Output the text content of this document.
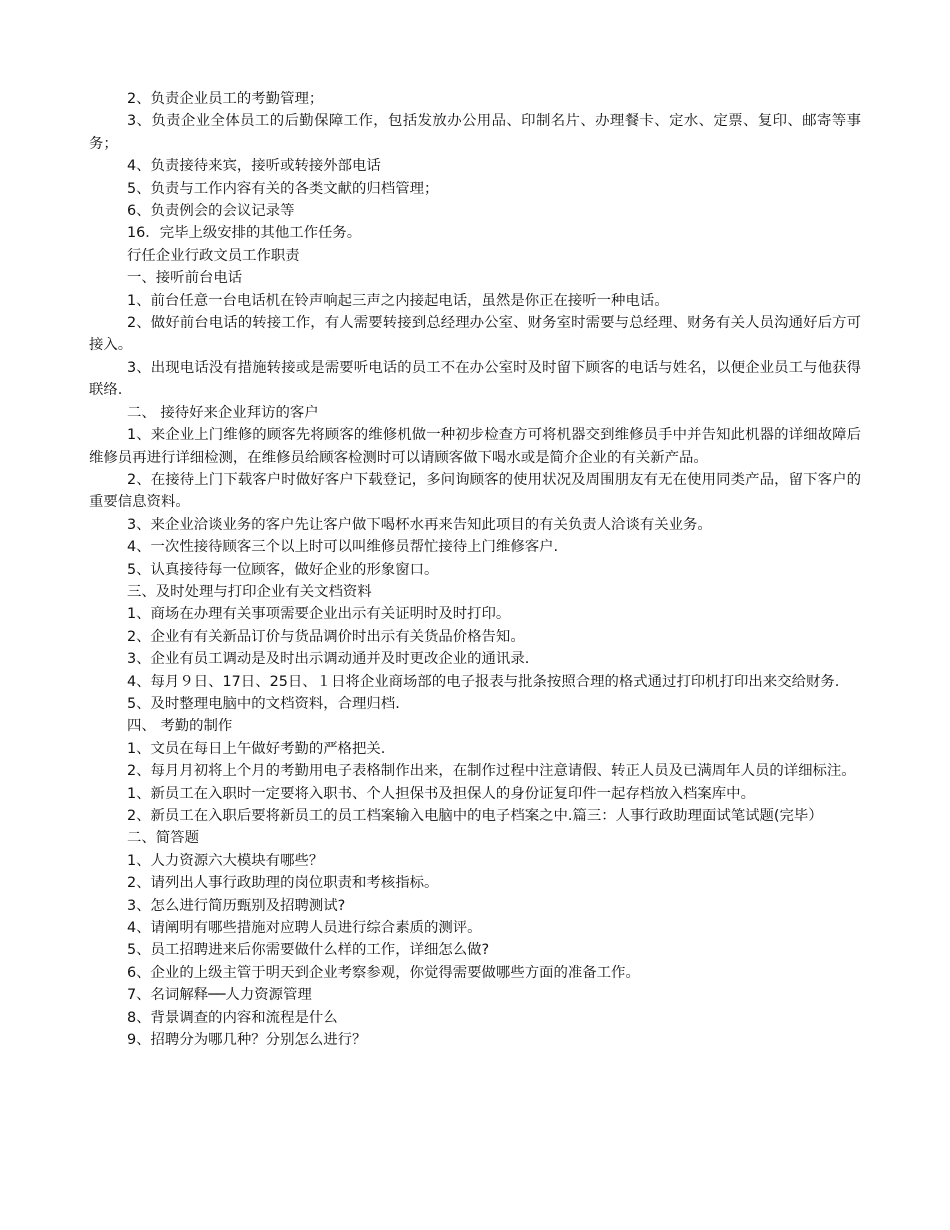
2、负责企业员工的考勤管理；

3、负责企业全体员工的后勤保障工作，包括发放办公用品、印制名片、办理餐卡、定水、定票、复印、邮寄等事务；

4、负责接待来宾，接听或转接外部电话

5、负责与工作内容有关的各类文献的归档管理；

6、负责例会的会议记录等

16．完毕上级安排的其他工作任务。

行任企业行政文员工作职责

一、接听前台电话

1、前台任意一台电话机在铃声响起三声之内接起电话，虽然是你正在接听一种电话。

2、做好前台电话的转接工作，有人需要转接到总经理办公室、财务室时需要与总经理、财务有关人员沟通好后方可接入。

3、出现电话没有措施转接或是需要听电话的员工不在办公室时及时留下顾客的电话与姓名，以便企业员工与他获得联络.

二、 接待好来企业拜访的客户

1、来企业上门维修的顾客先将顾客的维修机做一种初步检查方可将机器交到维修员手中并告知此机器的详细故障后维修员再进行详细检测，在维修员给顾客检测时可以请顾客做下喝水或是简介企业的有关新产品。

2、在接待上门下载客户时做好客户下载登记，多问询顾客的使用状况及周围朋友有无在使用同类产品，留下客户的重要信息资料。

3、来企业洽谈业务的客户先让客户做下喝杯水再来告知此项目的有关负责人洽谈有关业务。

4、一次性接待顾客三个以上时可以叫维修员帮忙接待上门维修客户.

5、认真接待每一位顾客，做好企业的形象窗口。

三、及时处理与打印企业有关文档资料

1、商场在办理有关事项需要企业出示有关证明时及时打印。

2、企业有有关新品订价与货品调价时出示有关货品价格告知。

3、企业有员工调动是及时出示调动通并及时更改企业的通讯录.

4、每月９日、17日、25日、１日将企业商场部的电子报表与批条按照合理的格式通过打印机打印出来交给财务.

5、及时整理电脑中的文档资料，合理归档.

四、 考勤的制作

1、文员在每日上午做好考勤的严格把关.

2、每月月初将上个月的考勤用电子表格制作出来，在制作过程中注意请假、转正人员及已满周年人员的详细标注。

1、新员工在入职时一定要将入职书、个人担保书及担保人的身份证复印件一起存档放入档案库中。

2、新员工在入职后要将新员工的员工档案输入电脑中的电子档案之中.篇三：人事行政助理面试笔试题(完毕）

二、简答题

1、人力资源六大模块有哪些？

2、请列出人事行政助理的岗位职责和考核指标。

3、怎么进行简历甄别及招聘测试?

4、请阐明有哪些措施对应聘人员进行综合素质的测评。

5、员工招聘进来后你需要做什么样的工作，详细怎么做?

6、企业的上级主管于明天到企业考察参观，你觉得需要做哪些方面的准备工作。

7、名词解释──人力资源管理

8、背景调查的内容和流程是什么

9、招聘分为哪几种？分别怎么进行？
